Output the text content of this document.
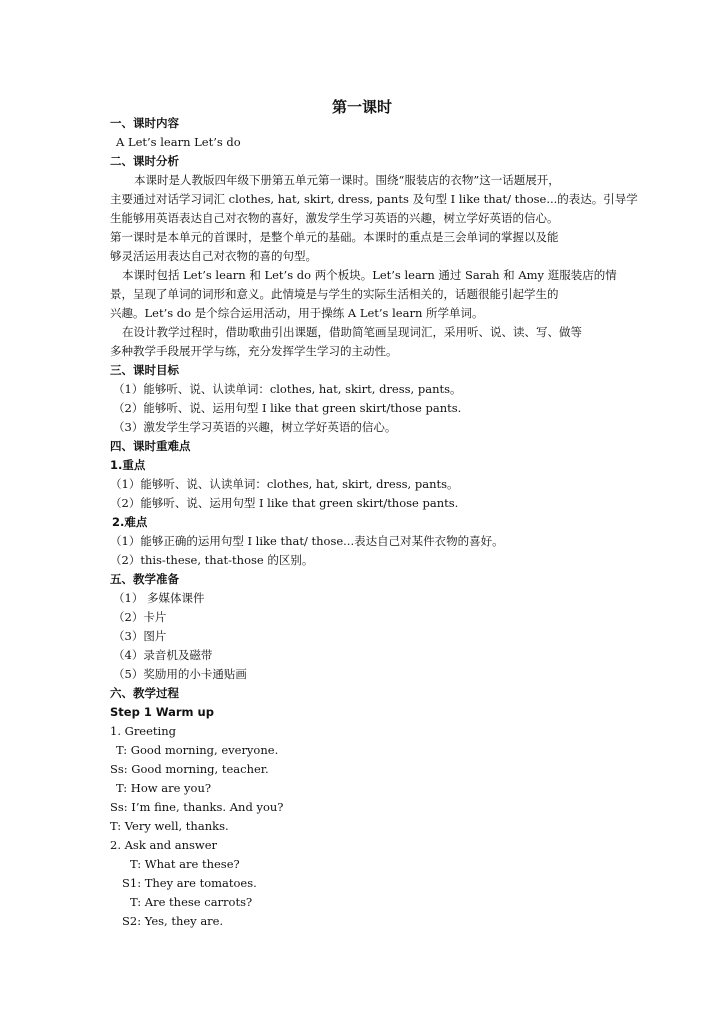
第一课时
一、课时内容
A Let’s learn Let’s do
二、课时分析
本课时是人教版四年级下册第五单元第一课时。围绕“服装店的衣物”这一话题展开，
主要通过对话学习词汇 clothes, hat, skirt, dress, pants 及句型 I like that/ those...的表达。引导学
生能够用英语表达自己对衣物的喜好，激发学生学习英语的兴趣，树立学好英语的信心。
第一课时是本单元的首课时，是整个单元的基础。本课时的重点是三会单词的掌握以及能
够灵活运用表达自己对衣物的喜的句型。
本课时包括 Let’s learn 和 Let’s do 两个板块。Let’s learn 通过 Sarah 和 Amy 逛服装店的情
景，呈现了单词的词形和意义。此情境是与学生的实际生活相关的，话题很能引起学生的
兴趣。Let’s do 是个综合运用活动，用于操练 A Let’s learn 所学单词。
在设计教学过程时，借助歌曲引出课题，借助简笔画呈现词汇，采用听、说、读、写、做等
多种教学手段展开学与练，充分发挥学生学习的主动性。
三、课时目标
（1）能够听、说、认读单词：clothes, hat, skirt, dress, pants。
（2）能够听、说、运用句型 I like that green skirt/those pants.
（3）激发学生学习英语的兴趣，树立学好英语的信心。
四、课时重难点
1.重点
（1）能够听、说、认读单词：clothes, hat, skirt, dress, pants。
（2）能够听、说、运用句型 I like that green skirt/those pants.
2.难点
（1）能够正确的运用句型 I like that/ those...表达自己对某件衣物的喜好。
（2）this-these, that-those 的区别。
五、教学准备
（1） 多媒体课件
（2）卡片
（3）图片
（4）录音机及磁带
（5）奖励用的小卡通贴画
六、教学过程
Step 1 Warm up
1. Greeting
T: Good morning, everyone.
Ss: Good morning, teacher.
T: How are you?
Ss: I’m fine, thanks. And you?
T: Very well, thanks.
2. Ask and answer
T: What are these?
S1: They are tomatoes.
T: Are these carrots?
S2: Yes, they are.
